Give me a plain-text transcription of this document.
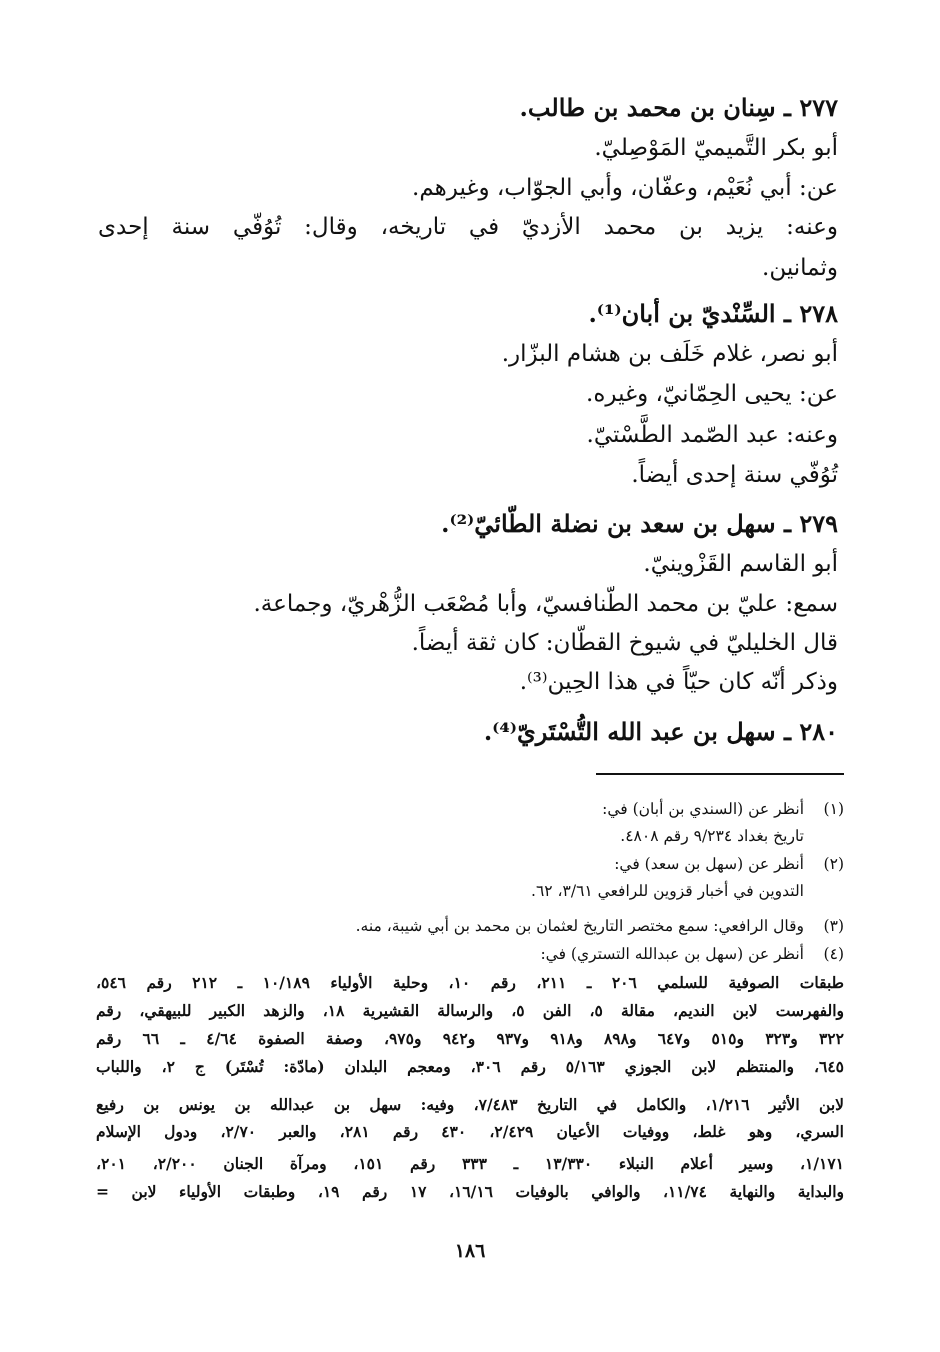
٢٧٧ ـ سِنان بن محمد بن طالب.
أبو بكر التَّميميّ المَوْصِليّ.
عن: أبي نُعَيْم، وعفّان، وأبي الجوّاب، وغيرهم.
وعنه: يزيد بن محمد الأزديّ في تاريخه، وقال: تُوُفّي سنة إحدى
وثمانين.
٢٧٨ ـ السِّنْديّ بن أبان⁽¹⁾.
أبو نصر، غلام خَلَف بن هشام البزّار.
عن: يحيى الحِمّانيّ، وغيره.
وعنه: عبد الصّمد الطَّسْتيّ.
تُوُفّي سنة إحدى أيضاً.
٢٧٩ ـ سهل بن سعد بن نضلة الطّائيّ⁽²⁾.
أبو القاسم القَزْوينيّ.
سمع: عليّ بن محمد الطّنافسيّ، وأبا مُصْعَب الزُّهْريّ، وجماعة.
قال الخليليّ في شيوخ القطّان: كان ثقة أيضاً.
وذكر أنّه كان حيّاً في هذا الحِين⁽³⁾.
٢٨٠ ـ سهل بن عبد الله التُّسْتَريّ⁽⁴⁾.
(١)أنظر عن (السندي بن أبان) في:
تاريخ بغداد ٩/٢٣٤ رقم ٤٨٠٨.
(٢)أنظر عن (سهل بن سعد) في:
التدوين في أخبار قزوين للرافعي ٣/٦١، ٦٢.
(٣)وقال الرافعي: سمع مختصر التاريخ لعثمان بن محمد بن أبي شيبة، منه.
(٤)أنظر عن (سهل بن عبدالله التستري) في:
طبقات الصوفية للسلمي ٢٠٦ ـ ٢١١، رقم ١٠، وحلية الأولياء ١٠/١٨٩ ـ ٢١٢ رقم ٥٤٦،
والفهرست لابن النديم، مقالة ٥، الفن ٥، والرسالة القشيرية ١٨، والزهد الكبير للبيهقي، رقم
٣٢٢ و٣٢٣ و٥١٥ و٦٤٧ و٨٩٨ و٩١٨ و٩٣٧ و٩٤٢ و٩٧٥، وصفة الصفوة ٤/٦٤ ـ ٦٦ رقم
٦٤٥، والمنتظم لابن الجوزي ٥/١٦٣ رقم ٣٠٦، ومعجم البلدان (مادّة: تُسْتَر) ج ٢، واللباب
لابن الأثير ١/٢١٦، والكامل في التاريخ ٧/٤٨٣، وفيه: سهل بن عبدالله بن يونس بن رفيع
السري، وهو غلط، ووفيات الأعيان ٢/٤٢٩، ٤٣٠ رقم ٢٨١، والعبر ٢/٧٠، ودول الإسلام
١/١٧١، وسير أعلام النبلاء ١٣/٣٣٠ ـ ٣٣٣ رقم ١٥١، ومرآة الجنان ٢/٢٠٠، ٢٠١،
والبداية والنهاية ١١/٧٤، والوافي بالوفيات ١٦/١٦، ١٧ رقم ١٩، وطبقات الأولياء لابن =
١٨٦
